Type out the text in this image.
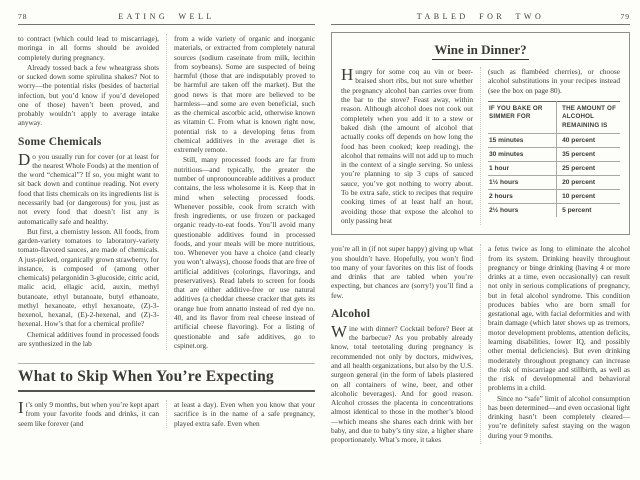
78	EATING WELL

to contract (which could lead to miscarriage), moringa in all forms should be avoided completely during pregnancy.

Already tossed back a few wheatgrass shots or sucked down some spirulina shakes? Not to worry—the potential risks (besides of bacterial infection, but you’d know if you’d developed one of those) haven’t been proved, and probably wouldn’t apply to average intake anyway.

Some Chemicals

Do you usually run for cover (or at least for the nearest Whole Foods) at the mention of the word “chemical”? If so, you might want to sit back down and continue reading. Not every food that lists chemicals on its ingredients list is necessarily bad (or dangerous) for you, just as not every food that doesn’t list any is automatically safe and healthy.

But first, a chemistry lesson. All foods, from garden-variety tomatoes to laboratory-variety tomato-flavored sauces, are made of chemicals. A just-picked, organically grown strawberry, for instance, is composed of (among other chemicals) pelargonidin 3-glucoside, citric acid, malic acid, ellagic acid, auxin, methyl butanoate, ethyl butanoate, butyl ethanoate, methyl hexanoate, ethyl hexanoate, (Z)-3-hexenol, hexanal, (E)-2-hexenal, and (Z)-3-hexenal. How’s that for a chemical profile?

Chemical additives found in processed foods are synthesized in the lab

from a wide variety of organic and inorganic materials, or extracted from completely natural sources (sodium caseinate from milk, lecithin from soybeans). Some are suspected of being harmful (those that are indisputably proved to be harmful are taken off the market). But the good news is that more are believed to be harmless—and some are even beneficial, such as the chemical ascorbic acid, otherwise known as vitamin C. From what is known right now, potential risk to a developing fetus from chemical additives in the average diet is extremely remote.

Still, many processed foods are far from nutritious—and typically, the greater the number of unpronounceable additives a product contains, the less wholesome it is. Keep that in mind when selecting processed foods. Whenever possible, cook from scratch with fresh ingredients, or use frozen or packaged organic ready-to-eat foods. You’ll avoid many questionable additives found in processed foods, and your meals will be more nutritious, too. Whenever you have a choice (and clearly you won’t always), choose foods that are free of artificial additives (colorings, flavorings, and preservatives). Read labels to screen for foods that are either additive-free or use natural additives (a cheddar cheese cracker that gets its orange hue from annatto instead of red dye no. 40, and its flavor from real cheese instead of artificial cheese flavoring). For a listing of questionable and safe additives, go to cspinet.org.

What to Skip When You’re Expecting

It’s only 9 months, but when you’re kept apart from your favorite foods and drinks, it can seem like forever (and

at least a day). Even when you know that your sacrifice is in the name of a safe pregnancy, played extra safe. Even when

TABLED FOR TWO	79
Wine in Dinner?

Hungry for some coq au vin or beer-braised short ribs, but not sure whether the pregnancy alcohol ban carries over from the bar to the stove? Feast away, within reason. Although alcohol does not cook out completely when you add it to a stew or baked dish (the amount of alcohol that actually cooks off depends on how long the food has been cooked; keep reading), the alcohol that remains will not add up to much in the context of a single serving. So unless you’re planning to sip 3 cups of sauced sauce, you’ve got nothing to worry about. To be extra safe, stick to recipes that require cooking times of at least half an hour, avoiding those that expose the alcohol to only passing heat

(such as flambéed cherries), or choose alcohol substitutions in your recipes instead (see the box on page 80).

IF YOU BAKE OR SIMMER FOR	THE AMOUNT OF ALCOHOL REMAINING IS
15 minutes	40 percent
30 minutes	35 percent
1 hour	25 percent
1½ hours	20 percent
2 hours	10 percent
2½ hours	5 percent

you’re all in (if not super happy) giving up what you shouldn’t have. Hopefully, you won’t find too many of your favorites on this list of foods and drinks that are tabled when you’re expecting, but chances are (sorry!) you’ll find a few.

Alcohol

Wine with dinner? Cocktail before? Beer at the barbecue? As you probably already know, total teetotaling during pregnancy is recommended not only by doctors, midwives, and all health organizations, but also by the U.S. surgeon general (in the form of labels plastered on all containers of wine, beer, and other alcoholic beverages). And for good reason. Alcohol crosses the placenta in concentrations almost identical to those in the mother’s blood—which means she shares each drink with her baby, and due to baby’s tiny size, a higher share proportionately. What’s more, it takes

a fetus twice as long to eliminate the alcohol from its system. Drinking heavily throughout pregnancy or binge drinking (having 4 or more drinks at a time, even occasionally) can result not only in serious complications of pregnancy, but in fetal alcohol syndrome. This condition produces babies who are born small for gestational age, with facial deformities and with brain damage (which later shows up as tremors, motor development problems, attention deficits, learning disabilities, lower IQ, and possibly other mental deficiencies). But even drinking moderately throughout pregnancy can increase the risk of miscarriage and stillbirth, as well as the risk of developmental and behavioral problems in a child.

Since no “safe” limit of alcohol consumption has been determined—and even occasional light drinking hasn’t been completely cleared—you’re definitely safest staying on the wagon during your 9 months.
